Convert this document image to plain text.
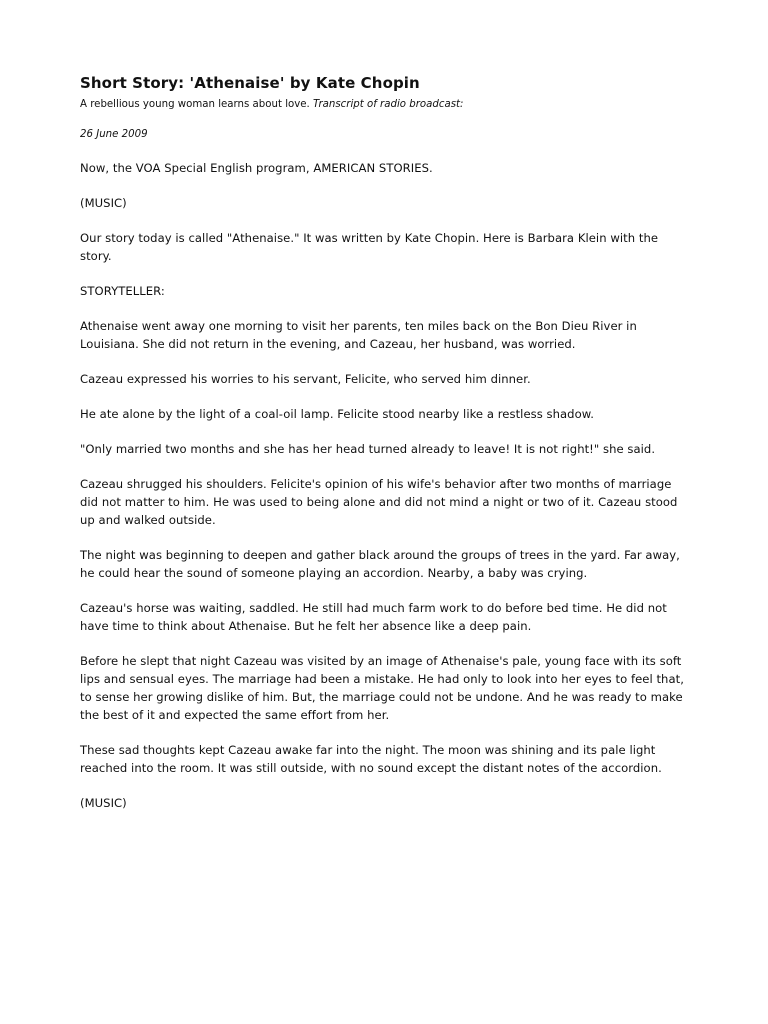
Short Story: 'Athenaise' by Kate Chopin
A rebellious young woman learns about love. Transcript of radio broadcast:
26 June 2009

Now, the VOA Special English program, AMERICAN STORIES.

(MUSIC)

Our story today is called "Athenaise." It was written by Kate Chopin. Here is Barbara Klein with the story.

STORYTELLER:

Athenaise went away one morning to visit her parents, ten miles back on the Bon Dieu River in Louisiana. She did not return in the evening, and Cazeau, her husband, was worried.

Cazeau expressed his worries to his servant, Felicite, who served him dinner.

He ate alone by the light of a coal-oil lamp. Felicite stood nearby like a restless shadow.

"Only married two months and she has her head turned already to leave! It is not right!" she said.

Cazeau shrugged his shoulders. Felicite's opinion of his wife's behavior after two months of marriage did not matter to him. He was used to being alone and did not mind a night or two of it. Cazeau stood up and walked outside.

The night was beginning to deepen and gather black around the groups of trees in the yard. Far away, he could hear the sound of someone playing an accordion. Nearby, a baby was crying.

Cazeau's horse was waiting, saddled. He still had much farm work to do before bed time. He did not have time to think about Athenaise. But he felt her absence like a deep pain.

Before he slept that night Cazeau was visited by an image of Athenaise's pale, young face with its soft lips and sensual eyes. The marriage had been a mistake. He had only to look into her eyes to feel that, to sense her growing dislike of him. But, the marriage could not be undone. And he was ready to make the best of it and expected the same effort from her.

These sad thoughts kept Cazeau awake far into the night. The moon was shining and its pale light reached into the room. It was still outside, with no sound except the distant notes of the accordion.

(MUSIC)
